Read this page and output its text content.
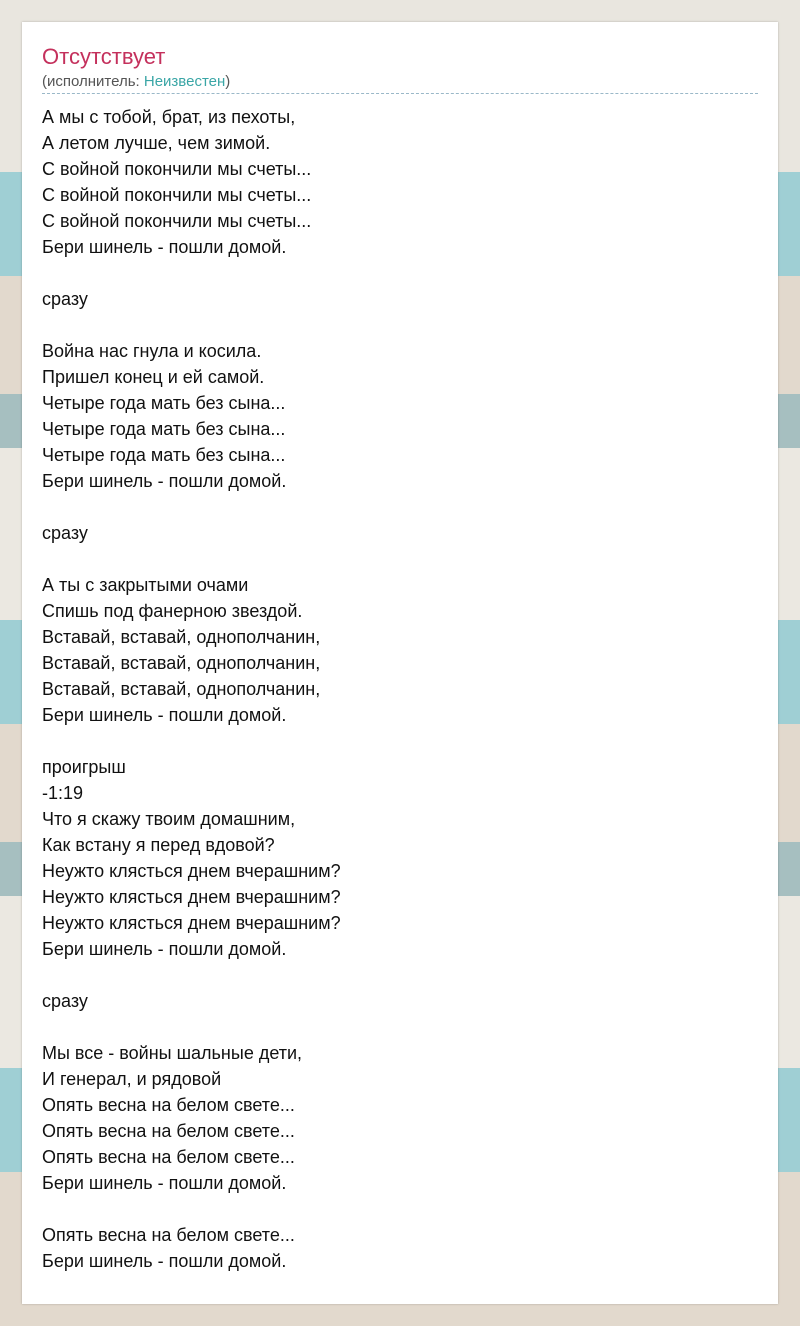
Отсутствует
(исполнитель: Неизвестен)
А мы с тобой, брат, из пехоты,
А летом лучше, чем зимой.
С войной покончили мы счеты...
С войной покончили мы счеты...
С войной покончили мы счеты...
Бери шинель - пошли домой.
сразу
Война нас гнула и косила.
Пришел конец и ей самой.
Четыре года мать без сына...
Четыре года мать без сына...
Четыре года мать без сына...
Бери шинель - пошли домой.
сразу
А ты с закрытыми очами
Спишь под фанерною звездой.
Вставай, вставай, однополчанин,
Вставай, вставай, однополчанин,
Вставай, вставай, однополчанин,
Бери шинель - пошли домой.
проигрыш
-1:19
Что я скажу твоим домашним,
Как встану я перед вдовой?
Неужто клясться днем вчерашним?
Неужто клясться днем вчерашним?
Неужто клясться днем вчерашним?
Бери шинель - пошли домой.
сразу
Мы все - войны шальные дети,
И генерал, и рядовой
Опять весна на белом свете...
Опять весна на белом свете...
Опять весна на белом свете...
Бери шинель - пошли домой.
Опять весна на белом свете...
Бери шинель - пошли домой.
